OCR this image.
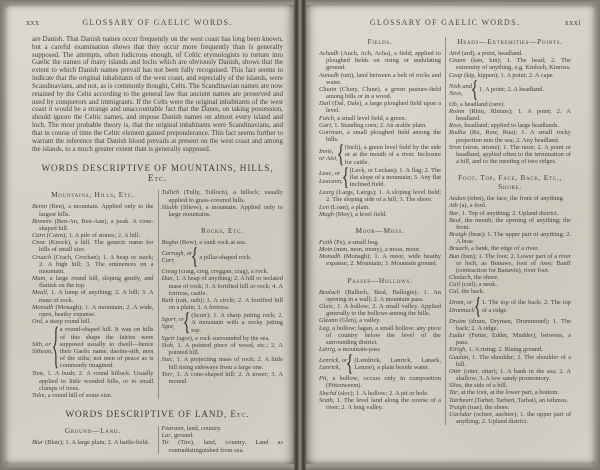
xxx	GLOSSARY OF GAELIC WORDS.

are Danish. That Danish names occur frequently on the west coast has long been known, but a careful examination shows that they occur more frequently than is generally supposed. The attempts, often ludicrous enough, of Celtic etymologists to torture into Gaelic the names of many islands and lochs which are obviously Danish, shows that the extent to which Danish names prevail has not been fully recognised. This fact seems to indicate that the original inhabitants of the west coast, and especially of the islands, were Scandinavians, and not, as is commonly thought, Celts. The Scandinavian names are now retained by the Celts according to the general law that ancient names are preserved and used by conquerors and immigrants. If the Celts were the original inhabitants of the west coast it would be a strange and unaccountable fact that the Danes, on taking possession, should ignore the Celtic names, and impose Danish names on almost every island and loch. The most probable theory is, that the original inhabitants were Scandinavians, and that in course of time the Celtic element gained preponderance. This fact seems further to warrant the inference that Danish blood prevails at present on the west coast and among the islands, to a much greater extent than is generally supposed.

WORDS DESCRIPTIVE OF MOUNTAINS, HILLS, Etc.
Mountains, Hills, Etc.

Beinn (Ben), a mountain. Applied only to the largest hills.

Binnein (Ben-An, Ben-Aan), a peak. A cone-shaped hill.

Carn (Cairn); 1. A pile of stones; 2. A hill.

Cnoc (Knock), a hill. The generic name for hills of small size.

Cruach (Crach, Crochan); 1. A heap or stack; 2. A high hill; 3. The eminences on a mountain.

Mam, a large round hill, sloping gently, and flattish on the top.

Meall, 1. A lump of anything; 2. A hill; 3. A mass of rock.

Monadh (Monagh); 1. A mountain; 2. A wide, open, heathy expanse.

Ord, a steep round hill.

Sith, or
Sithean,
a round-shaped hill. It was on hills of this shape the fairies were supposed usually to dwell—hence their Gaelic name, daoine-sith, men of the siths; not men of peace as is commonly imagined.

Tom, 1. A bush; 2. A round hillock. Usually applied to little wooded hills, or to small clumps of trees.

Tolm, a round hill of some size.

Tullich (Tully, Tulloch), a hillock; usually applied to grass-covered hills.

Sliabh (Slieve), a mountain. Applied only to large mountains.

Rocks, Etc.

Bogha (Bow), a sunk rock at sea.

Carragh, or
Carr,
a pillar-shaped rock.

Creag (craig, creg, creggan, crag), a rock.

Dun, 1. A heap of anything; 2. A hill or isolated mass of rock; 3. A fortified hill or rock; 4. A fortress, castle.

Rath (rait, rath); 1. A circle; 2. A fortified hill on a plain; 3. A fortress.

Sgorr, or
Sgur,
(Scuir); 1. A sharp jutting rock; 2. A mountain with a rocky jutting top.

Sgeir (sgor), a rock surrounded by the sea.

Stob, 1. A pointed piece of wood, etc.; 2. A pointed hill.

Stuc, 1. A projecting mass of rock; 2. A little hill rising sideways from a large one.

Torr, 1. A cone-shaped hill; 2. A tower; 3. A mound.

WORDS DESCRIPTIVE OF LAND, Etc.
Ground—Land.

Blar (Blair); 1. A large plain; 2. A battle-field.

Fearann, land, country.

Lar, ground.

Tir (Tire), land, country. Land as contradistinguished from sea.

GLOSSARY OF GAELIC WORDS.	xxxi
Fields.

Achadh (Auch, Ach, Acha), a field; applied to ploughed fields on rising or undulating ground.

Aonadh (uni), land between a belt of rocks and water.

Cluain (Cluny, Clune), a green pasture-field among hills or in a wood.

Dail (Dal, Dale), a large ploughed field upon a level.

Faich, a small level field, a green.

Gart, 1. Standing corn; 2. An arable plain.

Goirtean, a small ploughed field among the hills.

Innis,
or Aisi,
(Inch), a green level field by the side or at the mouth of a river. Inclosure for cattle.
Leac, or
Leacann,
(Leck, or Leckan); 1. A flag; 2. The flat slope of a mountain; 3. Any flat inclined field.

Learg (Largs, Lairgs); 1. A sloping level field; 2. The sloping side of a hill; 3. The shore.

Lon (Loan), a plain.

Magh (Moy), a level field.

Moor—Moss.

Feith (Fe), a small bog.

Moin (men, mon, mony), a moss, moor.

Monadh (Monagh); 1. A moor, wide heathy expanse; 2. Mountain; 3. Mountain ground.

Passes—Hollows.

Bealach (Balloch, Beal, Ballogie); 1. An opening in a wall; 2. A mountain pass.

Glaic, 1. A hollow; 2. A small valley. Applied generally to the hollows among the hills.

Gleann (Glen), a valley.

Lag, a hollow; lagan, a small hollow; any piece of country below the level of the surrounding district.

Lairig, a mountain-pass

Lenrick, or
Lanrick,
(Lendrick, Lanrick, Lanark, Lenzie), a plain beside water.

Pit, a hollow; occurs only in composition (Pittenweem).

Slochd (sloc); 1. A hollow; 2. A pit or hole.

Srath, 1. The level land along the course of a river; 2. A long valley.

Heads—Extremities—Points.

Aird (ard), a point, headland.

Ceann (ken, kin); 1. The head; 2. The extremity of anything, e.g. Kinloch, Kinross.

Ceap (kip, kippen); 1. A point; 2. A cape.

Nish and
Ness,
1. A point; 2. A headland.

Ob, a headland (rare).

Roinn (Rhin, Rhinns); 1. A point; 2. A headland.

Ross, headland; applied to large headlands.

Rudha (Ru, Row, Rua); 1. A small rocky projection into the sea; 2. Any headland.

Sron (stron, strone); 1. The nose; 2. A point or headland, applied often to the termination of a hill, and to the meeting of two ridges.

Foot, Top, Face, Back, Etc., Shore.

Aodan (eden), the face, the front of anything.

Ath (a), a ford.

Bar, 1. Top of anything; 2. Upland district.

Beul, the mouth; the opening of anything; the front.

Braigh (brae); 1. The upper part of anything; 2. A brae.

Bruach, a bank, the edge of a river.

Bun (bun); 1. The foot; 2. Lower part of a river or loch, as Bunawe, foot of Awe; Banff (contraction for Banavie), river foot.

Cladach, the shore.

Cuil (coil), a neuk.

Cul, the back.

Drom, or
Dronnach
1. The top of the back; 2. The top of a ridge.

Druim (drum, Drymen, Drummond); 1. The back; 2. A ridge.

Eadar (Fetter, Edder, Mudder), between, a pass.

Eirigh, 1. A rising; 2. Rising ground.

Gualan, 1. The shoulder; 2. The shoulder of a hill.

Oitir (otter, ottar); 1. A bank in the sea; 2. A shallow; 3. A low sandy promontory.

Slios, the side of a hill.

Tar, at the foot, at the lower part, a bottom.

Tairbeart (Tarbet, Tarbert, Tarbat), an isthmus.

Traigh (trae), the shore.

Uachdar (ochter, auchter); 1. the upper part of anything; 2. Upland district.
